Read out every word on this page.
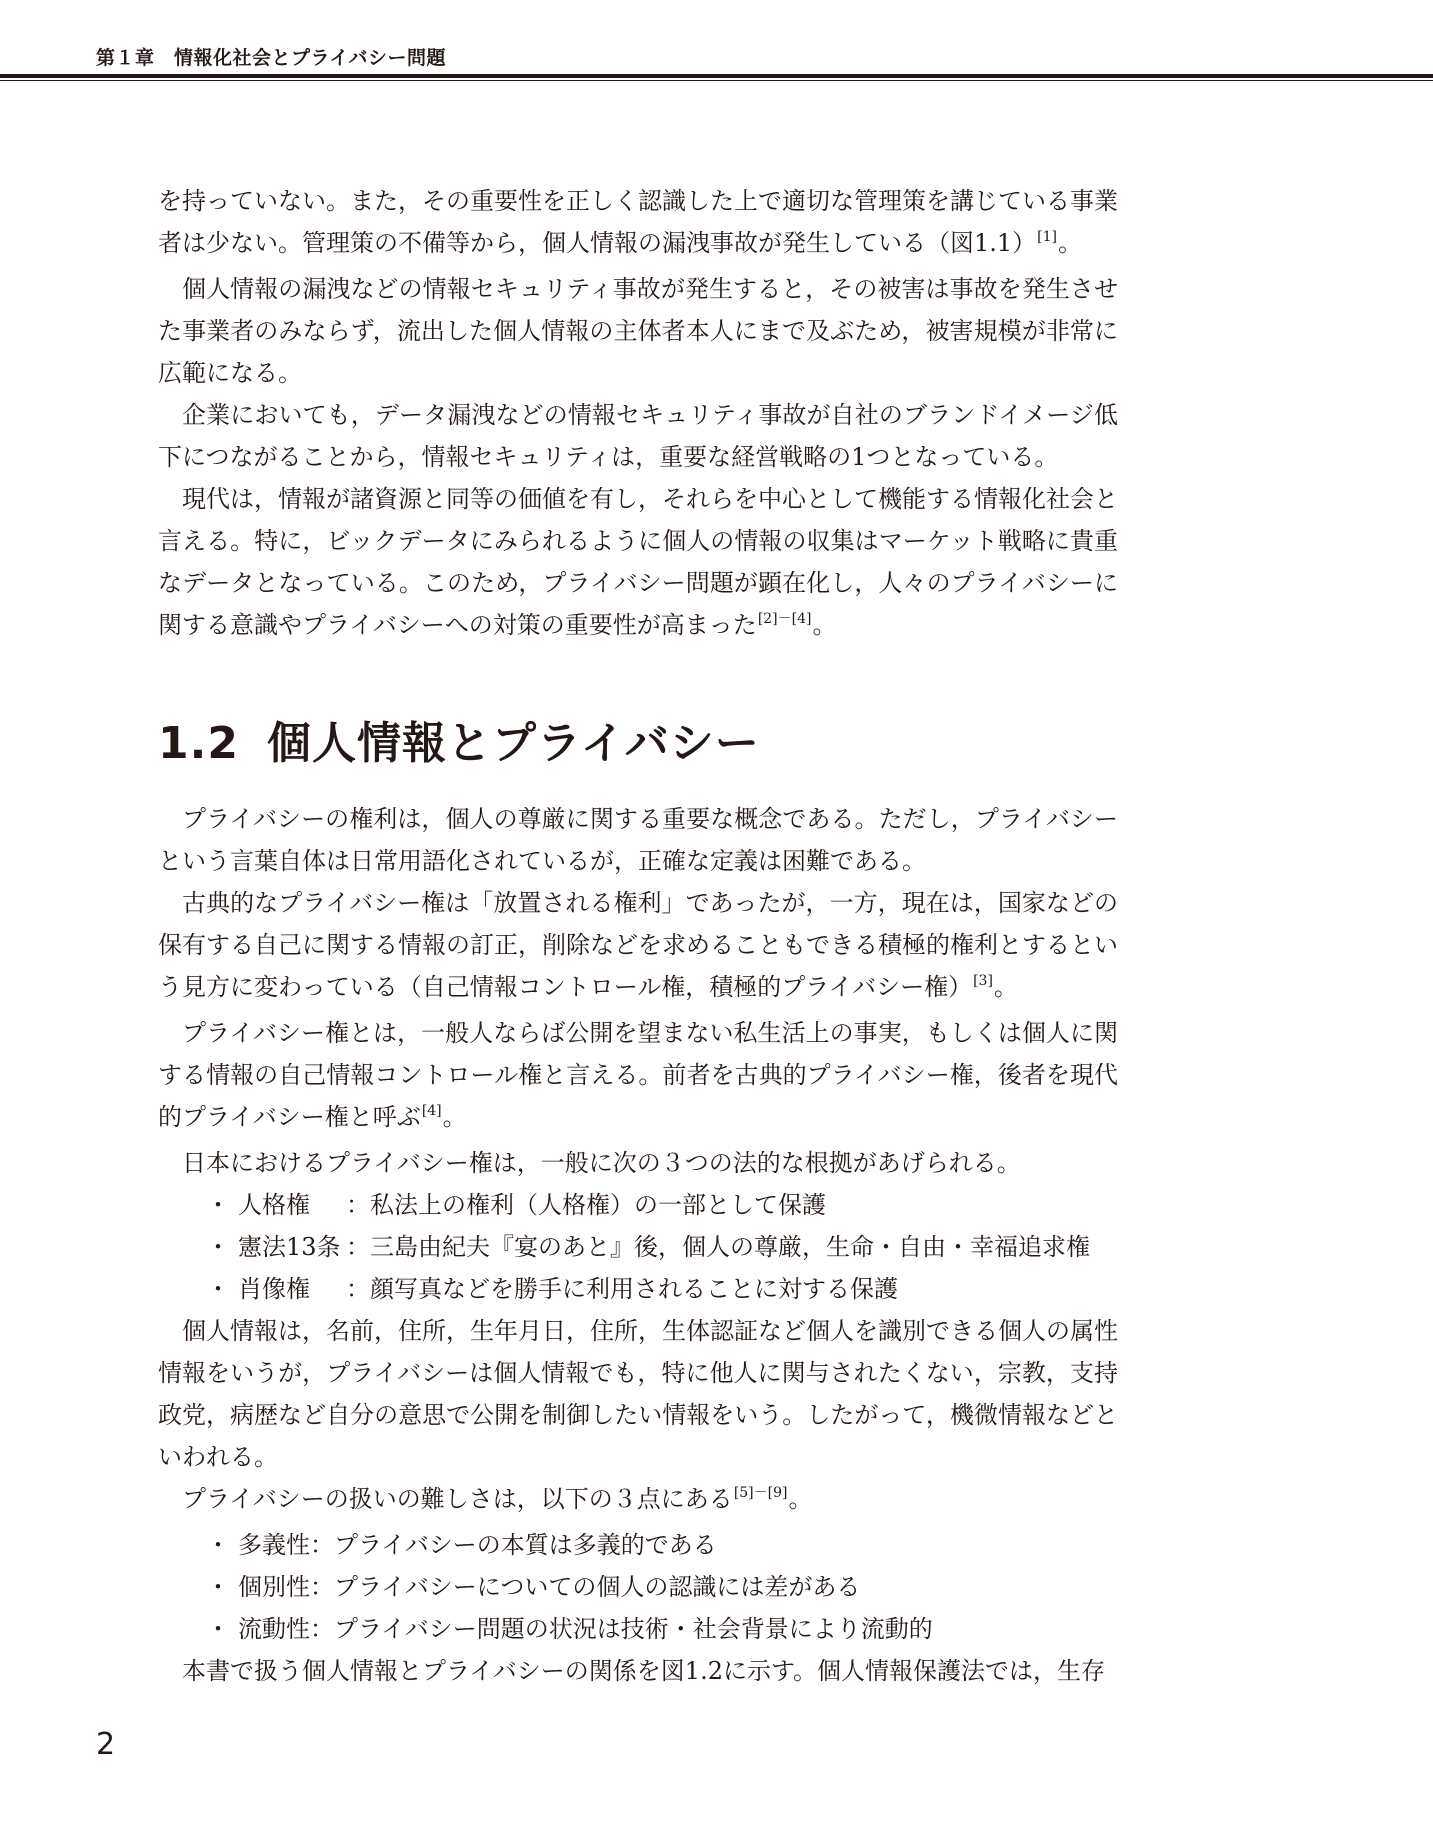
第１章　情報化社会とプライバシー問題

を持っていない。また，その重要性を正しく認識した上で適切な管理策を講じている事業者は少ない。管理策の不備等から，個人情報の漏洩事故が発生している（図1.1）[1]。

個人情報の漏洩などの情報セキュリティ事故が発生すると，その被害は事故を発生させた事業者のみならず，流出した個人情報の主体者本人にまで及ぶため，被害規模が非常に広範になる。

企業においても，データ漏洩などの情報セキュリティ事故が自社のブランドイメージ低下につながることから，情報セキュリティは，重要な経営戦略の1つとなっている。

現代は，情報が諸資源と同等の価値を有し，それらを中心として機能する情報化社会と言える。特に，ビックデータにみられるように個人の情報の収集はマーケット戦略に貴重なデータとなっている。このため，プライバシー問題が顕在化し，人々のプライバシーに関する意識やプライバシーへの対策の重要性が高まった[2]－[4]。

1.2 個人情報とプライバシー

プライバシーの権利は，個人の尊厳に関する重要な概念である。ただし，プライバシーという言葉自体は日常用語化されているが，正確な定義は困難である。

古典的なプライバシー権は「放置される権利」であったが，一方，現在は，国家などの保有する自己に関する情報の訂正，削除などを求めることもできる積極的権利とするという見方に変わっている（自己情報コントロール権，積極的プライバシー権）[3]。

プライバシー権とは，一般人ならば公開を望まない私生活上の事実，もしくは個人に関する情報の自己情報コントロール権と言える。前者を古典的プライバシー権，後者を現代的プライバシー権と呼ぶ[4]。

日本におけるプライバシー権は，一般に次の３つの法的な根拠があげられる。

・ 人格権 ：私法上の権利（人格権）の一部として保護
・ 憲法13条 ：三島由紀夫『宴のあと』後，個人の尊厳，生命・自由・幸福追求権
・ 肖像権 ：顔写真などを勝手に利用されることに対する保護

個人情報は，名前，住所，生年月日，住所，生体認証など個人を識別できる個人の属性情報をいうが，プライバシーは個人情報でも，特に他人に関与されたくない，宗教，支持政党，病歴など自分の意思で公開を制御したい情報をいう。したがって，機微情報などといわれる。

プライバシーの扱いの難しさは，以下の３点にある[5]－[9]。

・ 多義性：プライバシーの本質は多義的である
・ 個別性：プライバシーについての個人の認識には差がある
・ 流動性：プライバシー問題の状況は技術・社会背景により流動的

本書で扱う個人情報とプライバシーの関係を図1.2に示す。個人情報保護法では，生存

2
